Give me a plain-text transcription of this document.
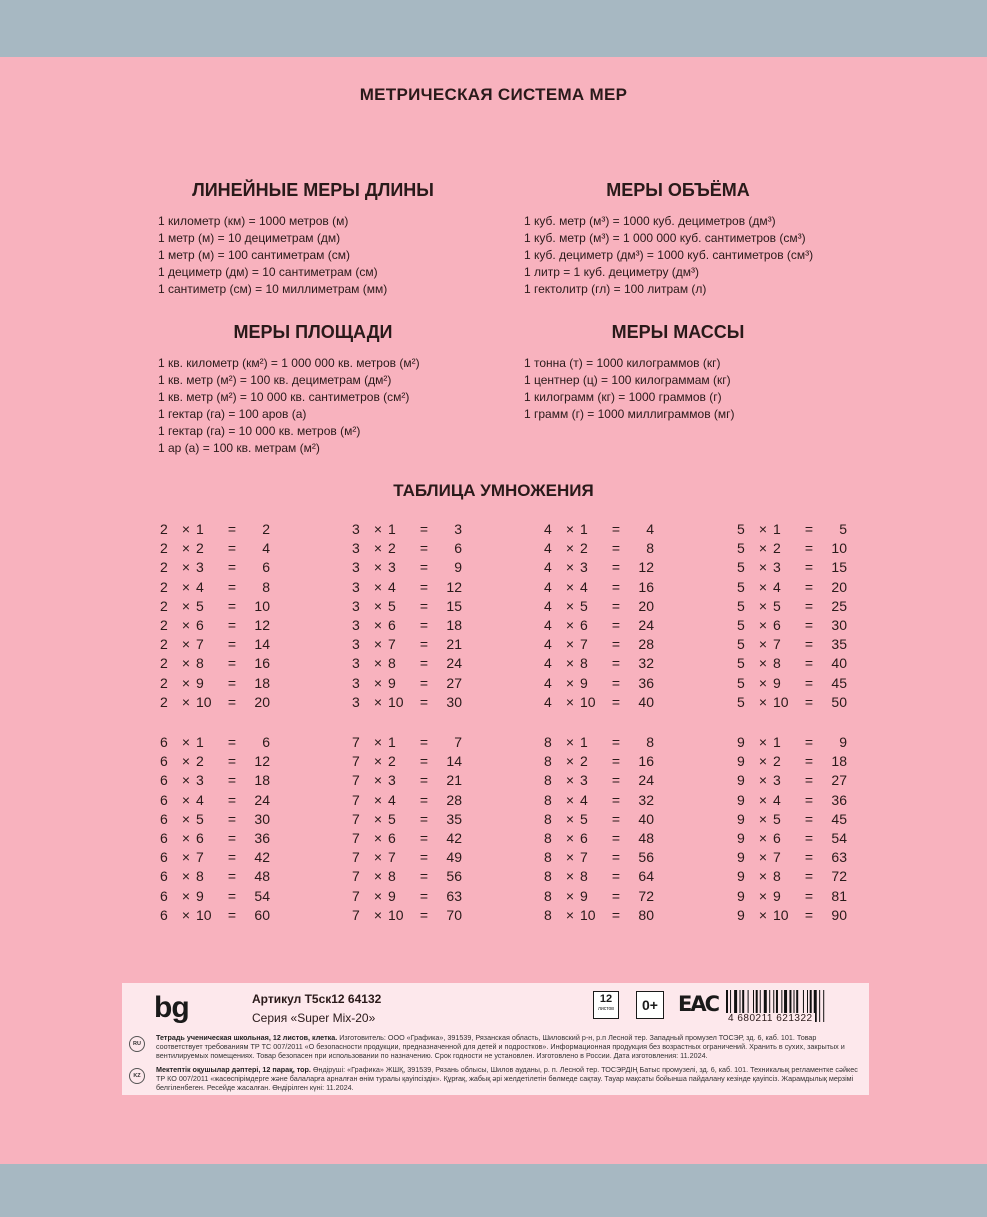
МЕТРИЧЕСКАЯ СИСТЕМА МЕР
ЛИНЕЙНЫЕ МЕРЫ ДЛИНЫ
1 километр (км) = 1000 метров (м)
1 метр (м) = 10 дециметрам (дм)
1 метр (м) = 100 сантиметрам (см)
1 дециметр (дм) = 10 сантиметрам (см)
1 сантиметр (см) = 10 миллиметрам (мм)
МЕРЫ ОБЪЁМА
1 куб. метр (м³) = 1000 куб. дециметров (дм³)
1 куб. метр (м³) = 1 000 000 куб. сантиметров (см³)
1 куб. дециметр (дм³) = 1000 куб. сантиметров (см³)
1 литр = 1 куб. дециметру (дм³)
1 гектолитр (гл) = 100 литрам (л)
МЕРЫ ПЛОЩАДИ
1 кв. километр (км²) = 1 000 000 кв. метров (м²)
1 кв. метр (м²) = 100 кв. дециметрам (дм²)
1 кв. метр (м²) = 10 000 кв. сантиметров (см²)
1 гектар (га) = 100 аров (а)
1 гектар (га) = 10 000 кв. метров (м²)
1 ар (а) = 100 кв. метрам (м²)
МЕРЫ МАССЫ
1 тонна (т) = 1000 килограммов (кг)
1 центнер (ц) = 100 килограммам (кг)
1 килограмм (кг) = 1000 граммов (г)
1 грамм (г) = 1000 миллиграммов (мг)
ТАБЛИЦА УМНОЖЕНИЯ
2	× 1	=	2
2	× 2	=	4
2	× 3	=	6
2	× 4	=	8
2	× 5	=	10
2	× 6	=	12
2	× 7	=	14
2	× 8	=	16
2	× 9	=	18
2	× 10	=	20
3	× 1	=	3
3	× 2	=	6
3	× 3	=	9
3	× 4	=	12
3	× 5	=	15
3	× 6	=	18
3	× 7	=	21
3	× 8	=	24
3	× 9	=	27
3	× 10	=	30
4	× 1	=	4
4	× 2	=	8
4	× 3	=	12
4	× 4	=	16
4	× 5	=	20
4	× 6	=	24
4	× 7	=	28
4	× 8	=	32
4	× 9	=	36
4	× 10	=	40
5	× 1	=	5
5	× 2	=	10
5	× 3	=	15
5	× 4	=	20
5	× 5	=	25
5	× 6	=	30
5	× 7	=	35
5	× 8	=	40
5	× 9	=	45
5	× 10	=	50
6	× 1	=	6
6	× 2	=	12
6	× 3	=	18
6	× 4	=	24
6	× 5	=	30
6	× 6	=	36
6	× 7	=	42
6	× 8	=	48
6	× 9	=	54
6	× 10	=	60
7	× 1	=	7
7	× 2	=	14
7	× 3	=	21
7	× 4	=	28
7	× 5	=	35
7	× 6	=	42
7	× 7	=	49
7	× 8	=	56
7	× 9	=	63
7	× 10	=	70
8	× 1	=	8
8	× 2	=	16
8	× 3	=	24
8	× 4	=	32
8	× 5	=	40
8	× 6	=	48
8	× 7	=	56
8	× 8	=	64
8	× 9	=	72
8	× 10	=	80
9	× 1	=	9
9	× 2	=	18
9	× 3	=	27
9	× 4	=	36
9	× 5	=	45
9	× 6	=	54
9	× 7	=	63
9	× 8	=	72
9	× 9	=	81
9	× 10	=	90
bg	Артикул Т5ск12 64132
Серия «Super Mix-20»
12
листов	0+ EAC
4 680211 621322
RU
Тетрадь ученическая школьная, 12 листов, клетка. Изготовитель: ООО «Графика», 391539, Рязанская область, Шиловский р-н, р.п Лесной тер. Западный промузел ТОСЭР, зд. 6, каб. 101. Товар соответствует требованиям ТР ТС 007/2011 «О безопасности продукции, предназначенной для детей и подростков». Информационная продукция без возрастных ограничений. Хранить в сухих, закрытых и вентилируемых помещениях. Товар безопасен при использовании по назначению. Срок годности не установлен. Изготовлено в России. Дата изготовления: 11.2024.
KZ
Мектептік оқушылар дәптері, 12 парақ, тор. Өндіруші: «Графика» ЖШҚ, 391539, Рязань облысы, Шилов ауданы, р. п. Лесной тер. ТОСЭРДІҢ Батыс промузелі, зд. 6, каб. 101. Техникалық регламентке сәйкес ТР КО 007/2011 «жасөспірімдерге және балаларға арналған өнім туралы қауіпсіздік». Құрғақ, жабық әрі желдетілетін бөлмеде сақтау. Тауар мақсаты бойынша пайдалану кезінде қауіпсіз. Жарамдылық мерзімі белгіленбеген. Ресейде жасалған. Өндірілген күні: 11.2024.
